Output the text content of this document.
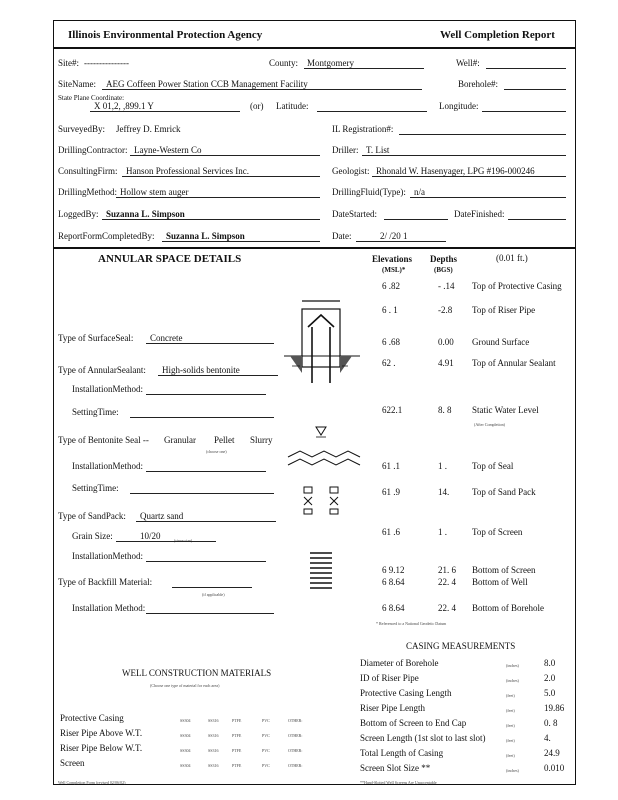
Illinois Environmental Protection Agency	Well Completion Report
Site#: ---------------	County: Montgomery	Well#:
SiteName: AEG Coffeen Power Station CCB Management Facility	Borehole#:
State Plane Coordinate:
X 01,2, ,899.1 Y	(or) Latitude:	Longitude:
SurveyedBy: Jeffrey D. Emrick	IL Registration#:
DrillingContractor: Layne-Western Co	Driller: T. List
ConsultingFirm: Hanson Professional Services Inc.	Geologist: Rhonald W. Hasenyager, LPG #196-000246
DrillingMethod: Hollow stem auger	DrillingFluid(Type): n/a
LoggedBy: Suzanna L. Simpson	DateStarted:	DateFinished:
ReportFormCompletedBy: Suzanna L. Simpson	Date:	2/ /20 1
ANNULAR SPACE DETAILS	Elevations
(MSL)*
Depths
(BGS)
(0.01 ft.)
Type of SurfaceSeal: Concrete
Type of AnnularSealant: High-solids bentonite
InstallationMethod:
SettingTime:
Type of Bentonite Seal -- Granular Pellet Slurry
(choose one)
InstallationMethod:
SettingTime:
Type of SandPack: Quartz sand
Grain Size:	10/20	(sieve size)
InstallationMethod:
Type of Backfill Material:
(if applicable)
Installation Method:
6 .82	- .14 Top of Protective Casing
6 . 1	-2.8 Top of Riser Pipe
6 .68	0.00 Ground Surface
62 .	4.91 Top of Annular Sealant
622.1	8. 8 Static Water Level
61 .1	1 .	Top of Seal
61 .9	14.	Top of Sand Pack
61 .6	1 .	Top of Screen
6 9.12	21. 6 Bottom of Screen
6 8.64	22. 4 Bottom of Well
6 8.64	22. 4 Bottom of Borehole
(After Completion)
* Referenced to a National Geodetic Datum
CASING MEASUREMENTS
Diameter of Borehole	(inches)	8.0
ID of Riser Pipe	(inches)	2.0
Protective Casing Length	(feet)	5.0
Riser Pipe Length	(feet)	19.86
Bottom of Screen to End Cap	(feet)	0. 8
Screen Length (1st slot to last slot)	(feet)	4.
Total Length of Casing	(feet)	24.9
Screen Slot Size **	(inches)	0.010
**Hand-Slotted Well Screens Are Unacceptable
WELL CONSTRUCTION MATERIALS
(Choose one type of material for each area)
Protective Casing	SS304	SS316	PTFE	PVC	OTHER:
Riser Pipe Above W.T.	SS304	SS316	PTFE	PVC	OTHER:
Riser Pipe Below W.T.	SS304	SS316	PTFE	PVC	OTHER:
Screen	SS304	SS316	PTFE	PVC	OTHER:
Well Completion Form (revised 02/06/02)
